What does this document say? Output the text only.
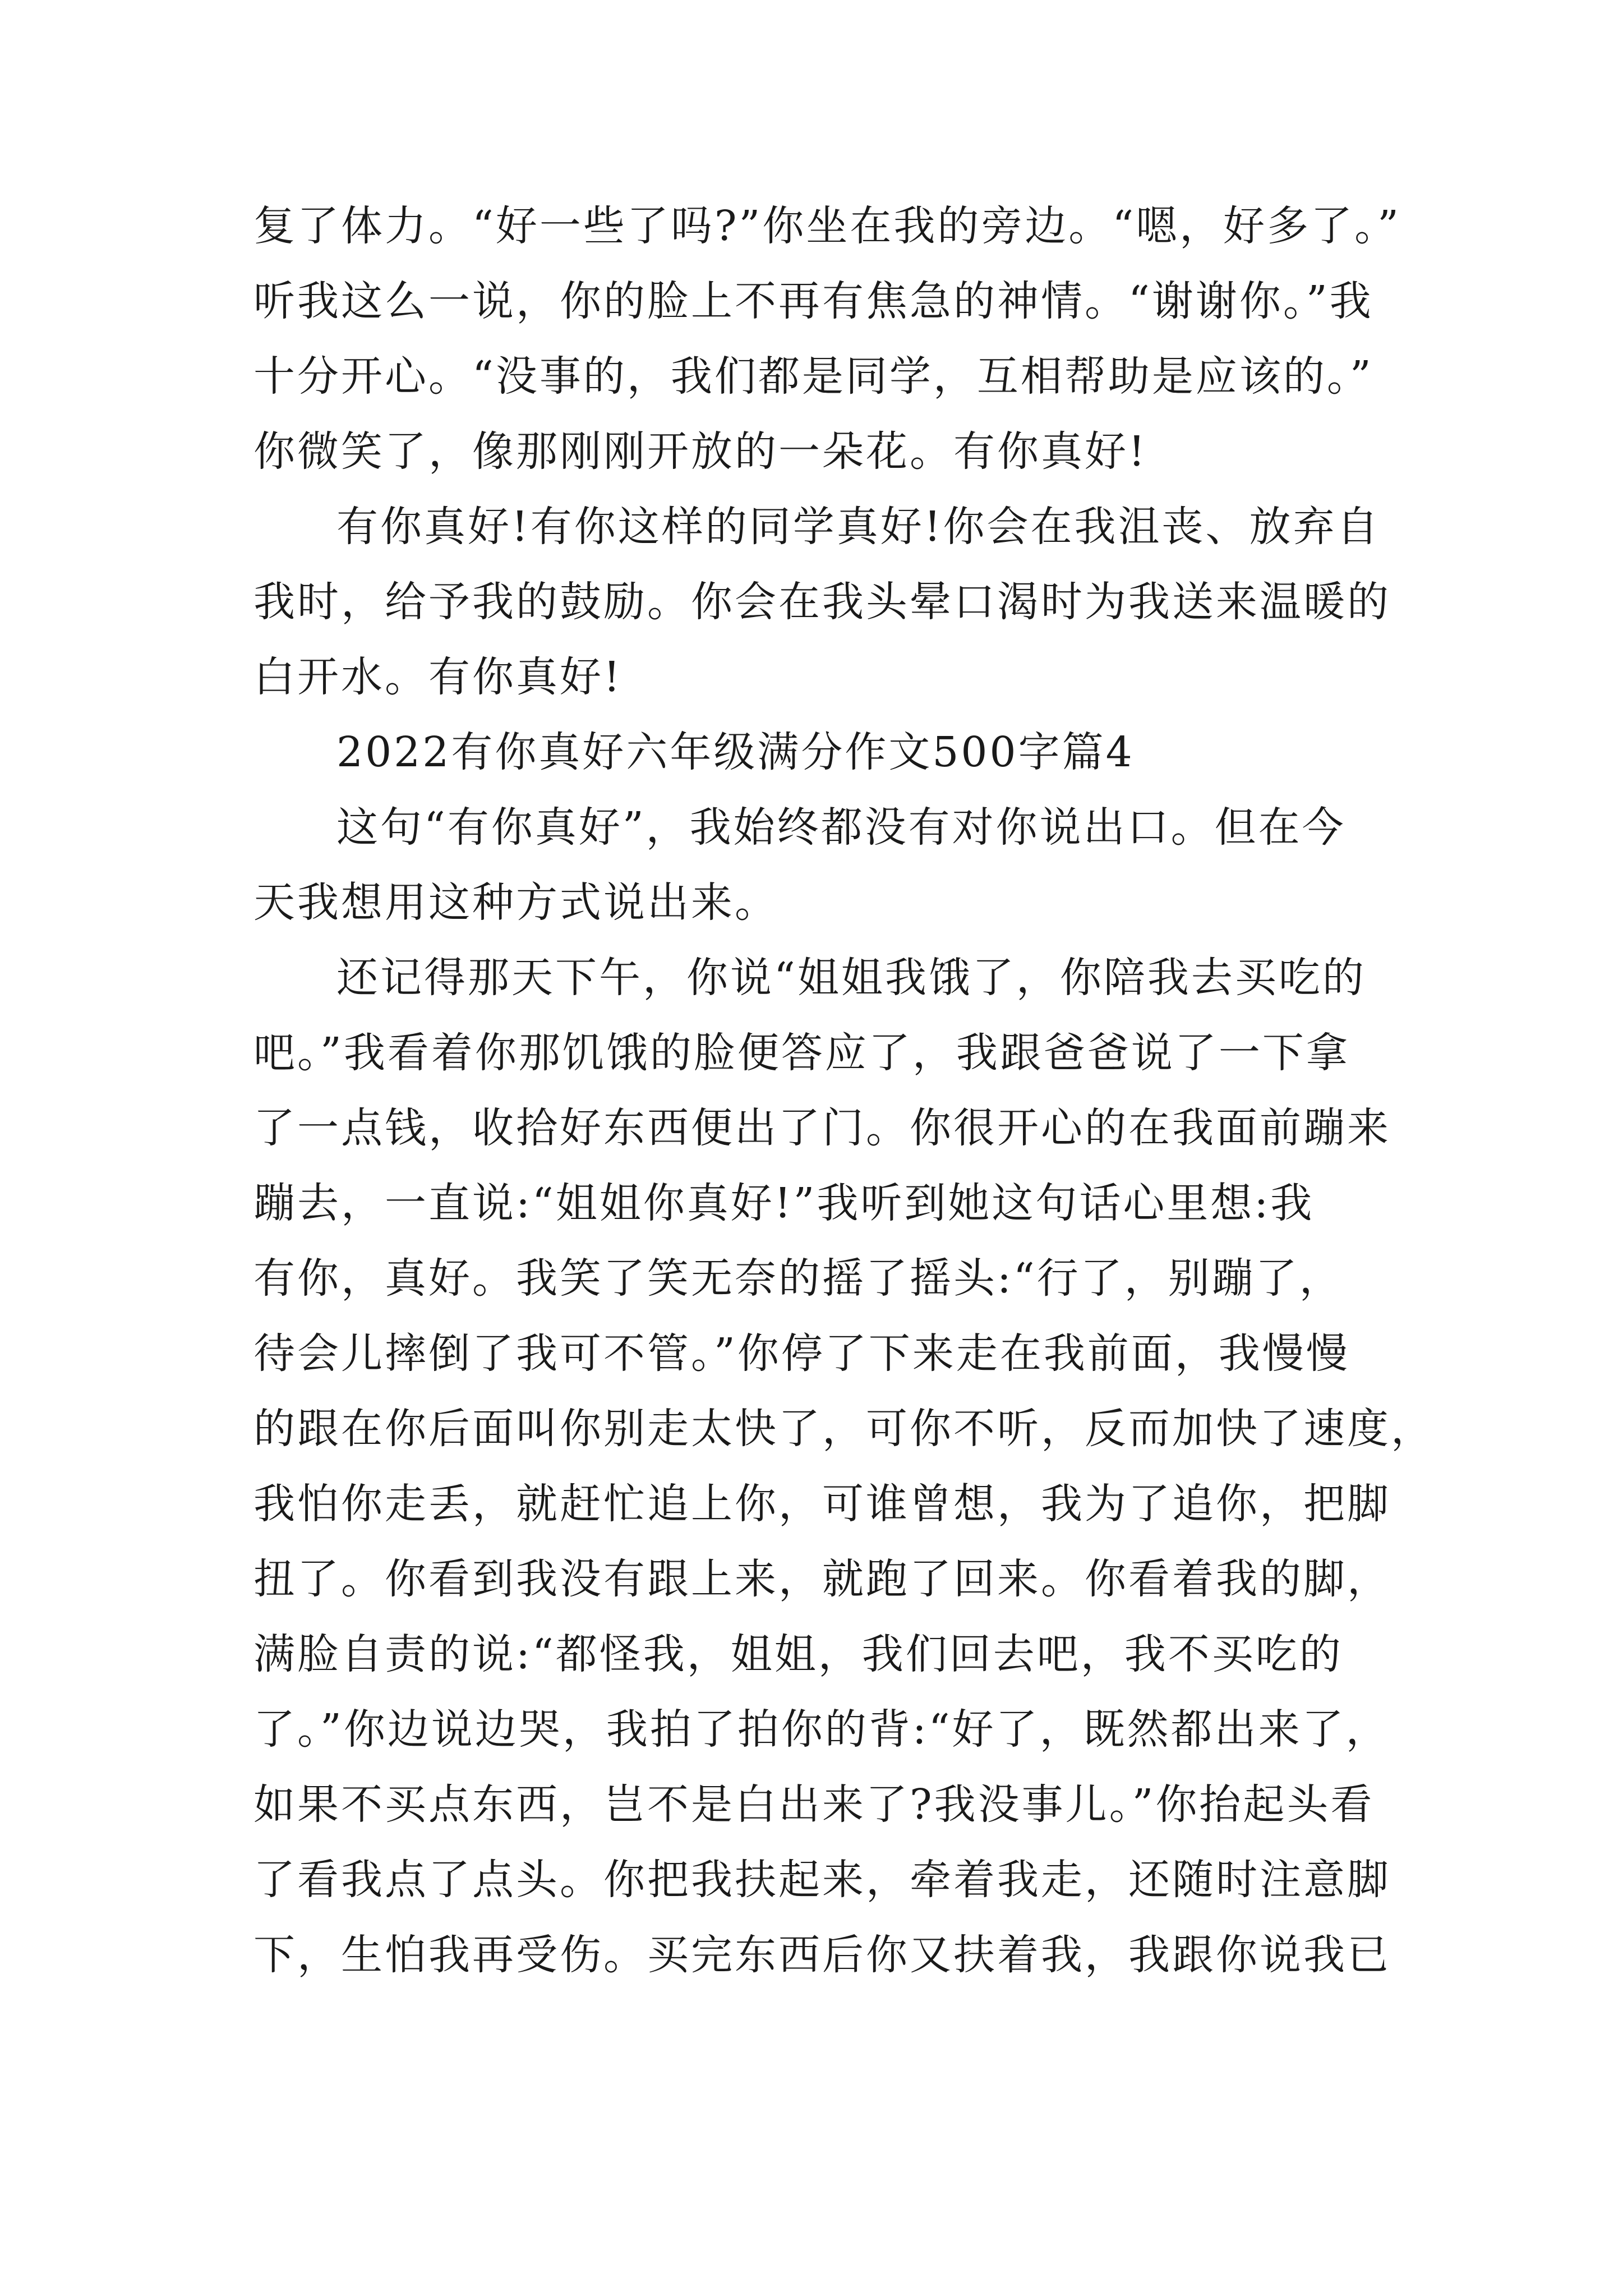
复了体力。“好一些了吗?”你坐在我的旁边。“嗯，好多了。”
听我这么一说，你的脸上不再有焦急的神情。“谢谢你。”我
十分开心。“没事的，我们都是同学，互相帮助是应该的。”
你微笑了，像那刚刚开放的一朵花。有你真好!
有你真好!有你这样的同学真好!你会在我沮丧、放弃自
我时，给予我的鼓励。你会在我头晕口渴时为我送来温暖的
白开水。有你真好!
2022有你真好六年级满分作文500字篇4
这句“有你真好”，我始终都没有对你说出口。但在今
天我想用这种方式说出来。
还记得那天下午，你说“姐姐我饿了，你陪我去买吃的
吧。”我看着你那饥饿的脸便答应了，我跟爸爸说了一下拿
了一点钱，收拾好东西便出了门。你很开心的在我面前蹦来
蹦去，一直说:“姐姐你真好!”我听到她这句话心里想:我
有你，真好。我笑了笑无奈的摇了摇头:“行了，别蹦了，
待会儿摔倒了我可不管。”你停了下来走在我前面，我慢慢
的跟在你后面叫你别走太快了，可你不听，反而加快了速度，
我怕你走丢，就赶忙追上你，可谁曾想，我为了追你，把脚
扭了。你看到我没有跟上来，就跑了回来。你看着我的脚，
满脸自责的说:“都怪我，姐姐，我们回去吧，我不买吃的
了。”你边说边哭，我拍了拍你的背:“好了，既然都出来了，
如果不买点东西，岂不是白出来了?我没事儿。”你抬起头看
了看我点了点头。你把我扶起来，牵着我走，还随时注意脚
下，生怕我再受伤。买完东西后你又扶着我，我跟你说我已
